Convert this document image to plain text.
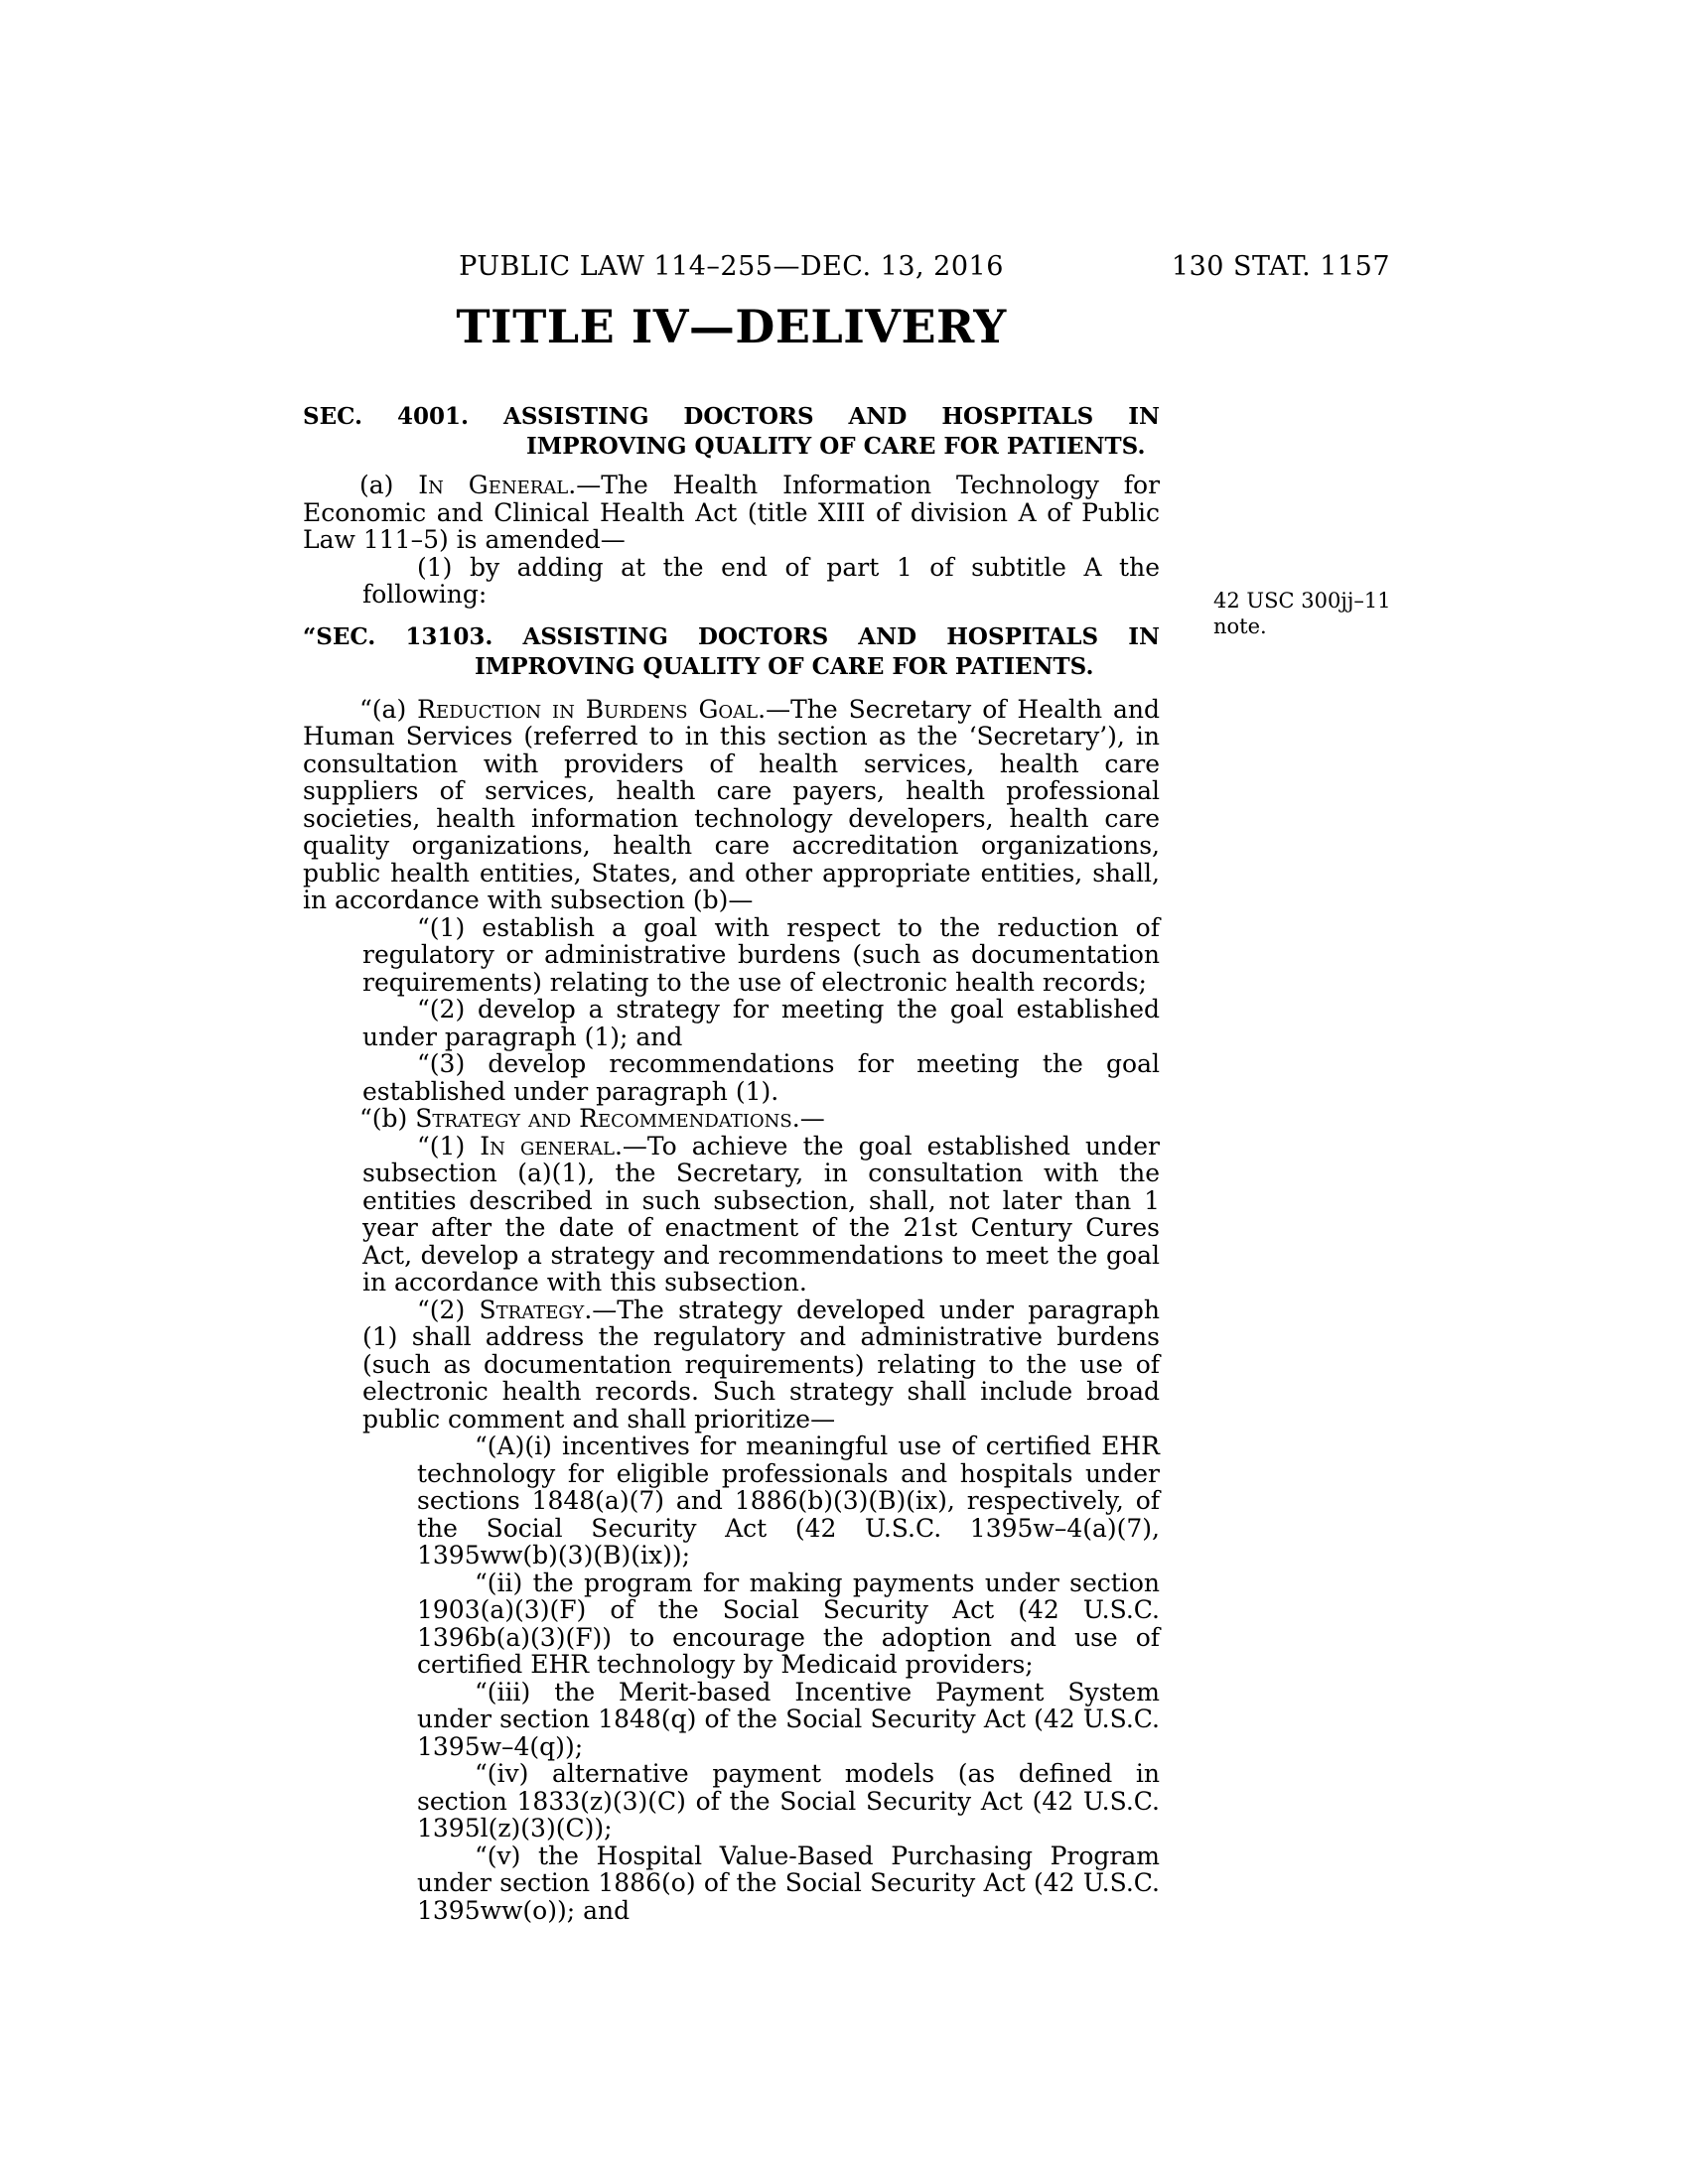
PUBLIC LAW 114–255—DEC. 13, 2016	130 STAT. 1157
TITLE IV—DELIVERY
SEC. 4001. ASSISTING DOCTORS AND HOSPITALS IN IMPROVING QUALITY OF CARE FOR PATIENTS.
(a) In General.—The Health Information Technology for Economic and Clinical Health Act (title XIII of division A of Public Law 111–5) is amended—
(1) by adding at the end of part 1 of subtitle A the following:
“SEC. 13103. ASSISTING DOCTORS AND HOSPITALS IN IMPROVING QUALITY OF CARE FOR PATIENTS.
“(a) Reduction in Burdens Goal.—The Secretary of Health and Human Services (referred to in this section as the ‘Secretary’), in consultation with providers of health services, health care suppliers of services, health care payers, health professional societies, health information technology developers, health care quality organizations, health care accreditation organizations, public health entities, States, and other appropriate entities, shall, in accordance with subsection (b)—
“(1) establish a goal with respect to the reduction of regulatory or administrative burdens (such as documentation requirements) relating to the use of electronic health records;
“(2) develop a strategy for meeting the goal established under paragraph (1); and
“(3) develop recommendations for meeting the goal established under paragraph (1).
“(b) Strategy and Recommendations.—
“(1) In general.—To achieve the goal established under subsection (a)(1), the Secretary, in consultation with the entities described in such subsection, shall, not later than 1 year after the date of enactment of the 21st Century Cures Act, develop a strategy and recommendations to meet the goal in accordance with this subsection.
“(2) Strategy.—The strategy developed under paragraph (1) shall address the regulatory and administrative burdens (such as documentation requirements) relating to the use of electronic health records. Such strategy shall include broad public comment and shall prioritize—
“(A)(i) incentives for meaningful use of certified EHR technology for eligible professionals and hospitals under sections 1848(a)(7) and 1886(b)(3)(B)(ix), respectively, of the Social Security Act (42 U.S.C. 1395w–4(a)(7), 1395ww(b)(3)(B)(ix));
“(ii) the program for making payments under section 1903(a)(3)(F) of the Social Security Act (42 U.S.C. 1396b(a)(3)(F)) to encourage the adoption and use of certified EHR technology by Medicaid providers;
“(iii) the Merit-based Incentive Payment System under section 1848(q) of the Social Security Act (42 U.S.C. 1395w–4(q));
“(iv) alternative payment models (as defined in section 1833(z)(3)(C) of the Social Security Act (42 U.S.C. 1395l(z)(3)(C));
“(v) the Hospital Value-Based Purchasing Program under section 1886(o) of the Social Security Act (42 U.S.C. 1395ww(o)); and
42 USC 300jj–11
note.
